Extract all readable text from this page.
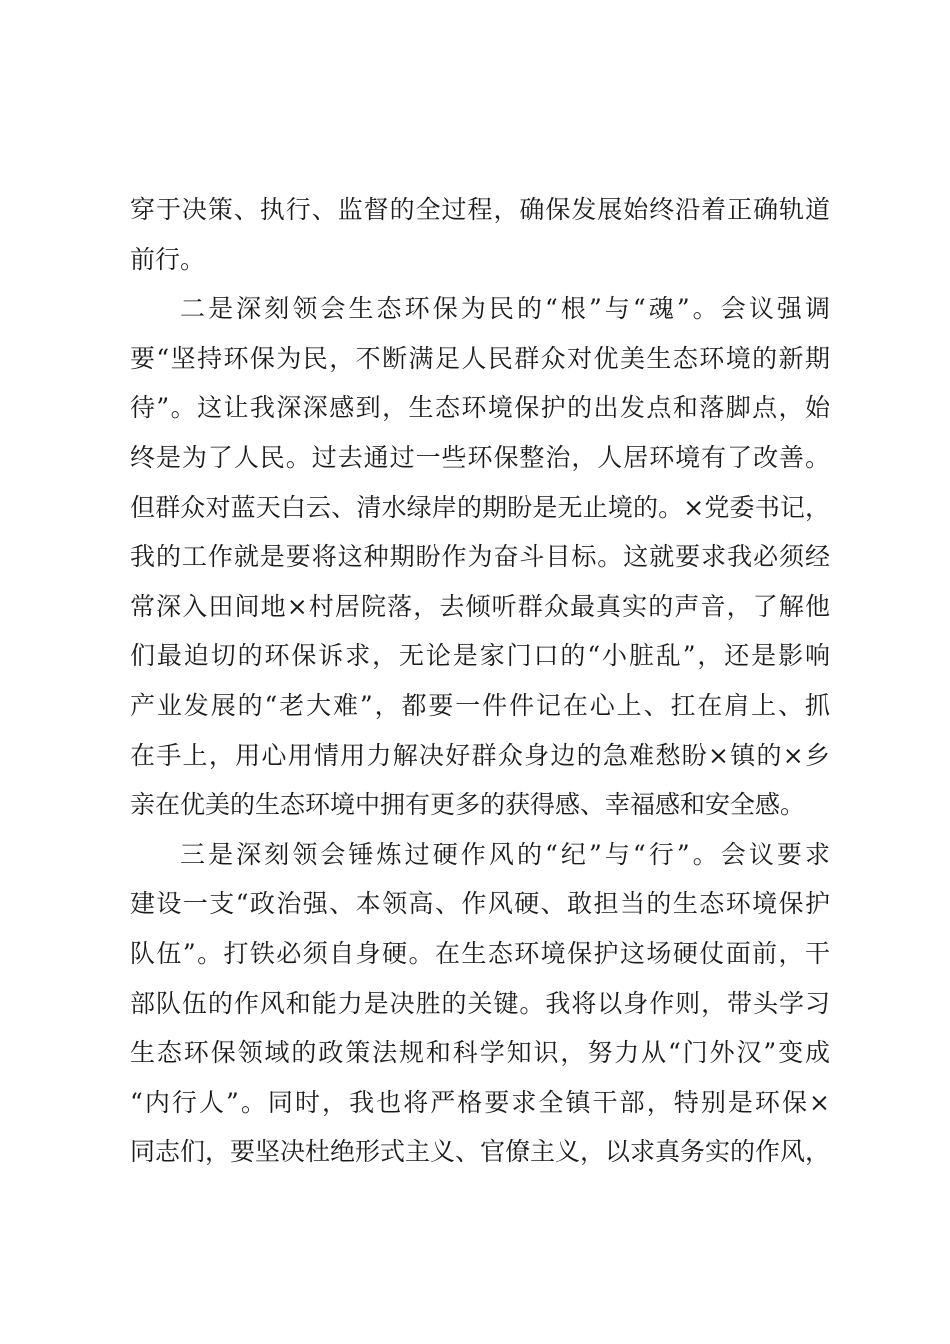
穿于决策、执行、监督的全过程，确保发展始终沿着正确轨道
前行。
二是深刻领会生态环保为民的“根”与“魂”。会议强调
要“坚持环保为民，不断满足人民群众对优美生态环境的新期
待”。这让我深深感到，生态环境保护的出发点和落脚点，始
终是为了人民。过去通过一些环保整治，人居环境有了改善。
但群众对蓝天白云、清水绿岸的期盼是无止境的。×党委书记，
我的工作就是要将这种期盼作为奋斗目标。这就要求我必须经
常深入田间地×村居院落，去倾听群众最真实的声音，了解他
们最迫切的环保诉求，无论是家门口的“小脏乱”，还是影响
产业发展的“老大难”，都要一件件记在心上、扛在肩上、抓
在手上，用心用情用力解决好群众身边的急难愁盼×镇的×乡
亲在优美的生态环境中拥有更多的获得感、幸福感和安全感。
三是深刻领会锤炼过硬作风的“纪”与“行”。会议要求
建设一支“政治强、本领高、作风硬、敢担当的生态环境保护
队伍”。打铁必须自身硬。在生态环境保护这场硬仗面前，干
部队伍的作风和能力是决胜的关键。我将以身作则，带头学习
生态环保领域的政策法规和科学知识，努力从“门外汉”变成
“内行人”。同时，我也将严格要求全镇干部，特别是环保×
同志们，要坚决杜绝形式主义、官僚主义，以求真务实的作风，
